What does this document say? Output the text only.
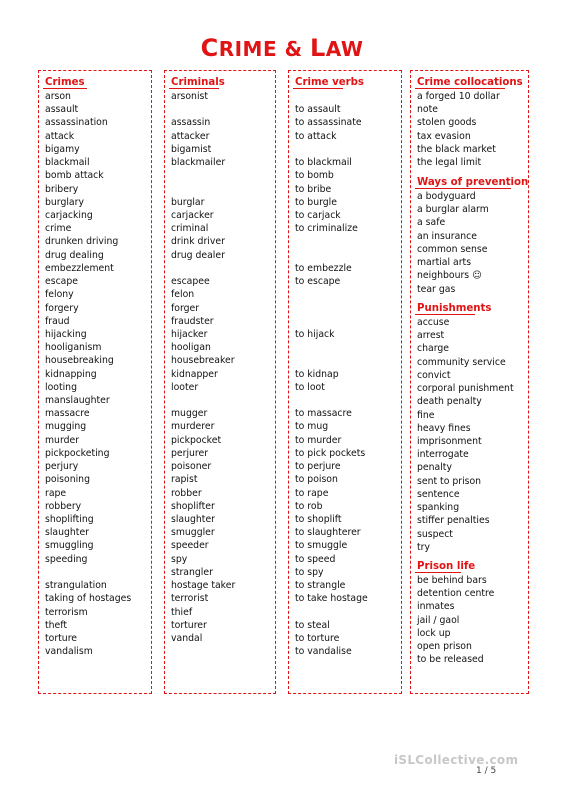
CRIME & LAW
Crimes
arson
assault
assassination
attack
bigamy
blackmail
bomb attack
bribery
burglary
carjacking
crime
drunken driving
drug dealing
embezzlement
escape
felony
forgery
fraud
hijacking
hooliganism
housebreaking
kidnapping
looting
manslaughter
massacre
mugging
murder
pickpocketing
perjury
poisoning
rape
robbery
shoplifting
slaughter
smuggling
speeding
strangulation
taking of hostages
terrorism
theft
torture
vandalism
Criminals
arsonist
assassin
attacker
bigamist
blackmailer
burglar
carjacker
criminal
drink driver
drug dealer
escapee
felon
forger
fraudster
hijacker
hooligan
housebreaker
kidnapper
looter
mugger
murderer
pickpocket
perjurer
poisoner
rapist
robber
shoplifter
slaughter
smuggler
speeder
spy
strangler
hostage taker
terrorist
thief
torturer
vandal
Crime verbs
to assault
to assassinate
to attack
to blackmail
to bomb
to bribe
to burgle
to carjack
to criminalize
to embezzle
to escape
to hijack
to kidnap
to loot
to massacre
to mug
to murder
to pick pockets
to perjure
to poison
to rape
to rob
to shoplift
to slaughterer
to smuggle
to speed
to spy
to strangle
to take hostage
to steal
to torture
to vandalise
Crime collocations
a forged 10 dollar
note
stolen goods
tax evasion
the black market
the legal limit
Ways of prevention
a bodyguard
a burglar alarm
a safe
an insurance
common sense
martial arts
neighbours ☺
tear gas
Punishments
accuse
arrest
charge
community service
convict
corporal punishment
death penalty
fine
heavy fines
imprisonment
interrogate
penalty
sent to prison
sentence
spanking
stiffer penalties
suspect
try
Prison life
be behind bars
detention centre
inmates
jail / gaol
lock up
open prison
to be released
iSLCollective.com
1 / 5
